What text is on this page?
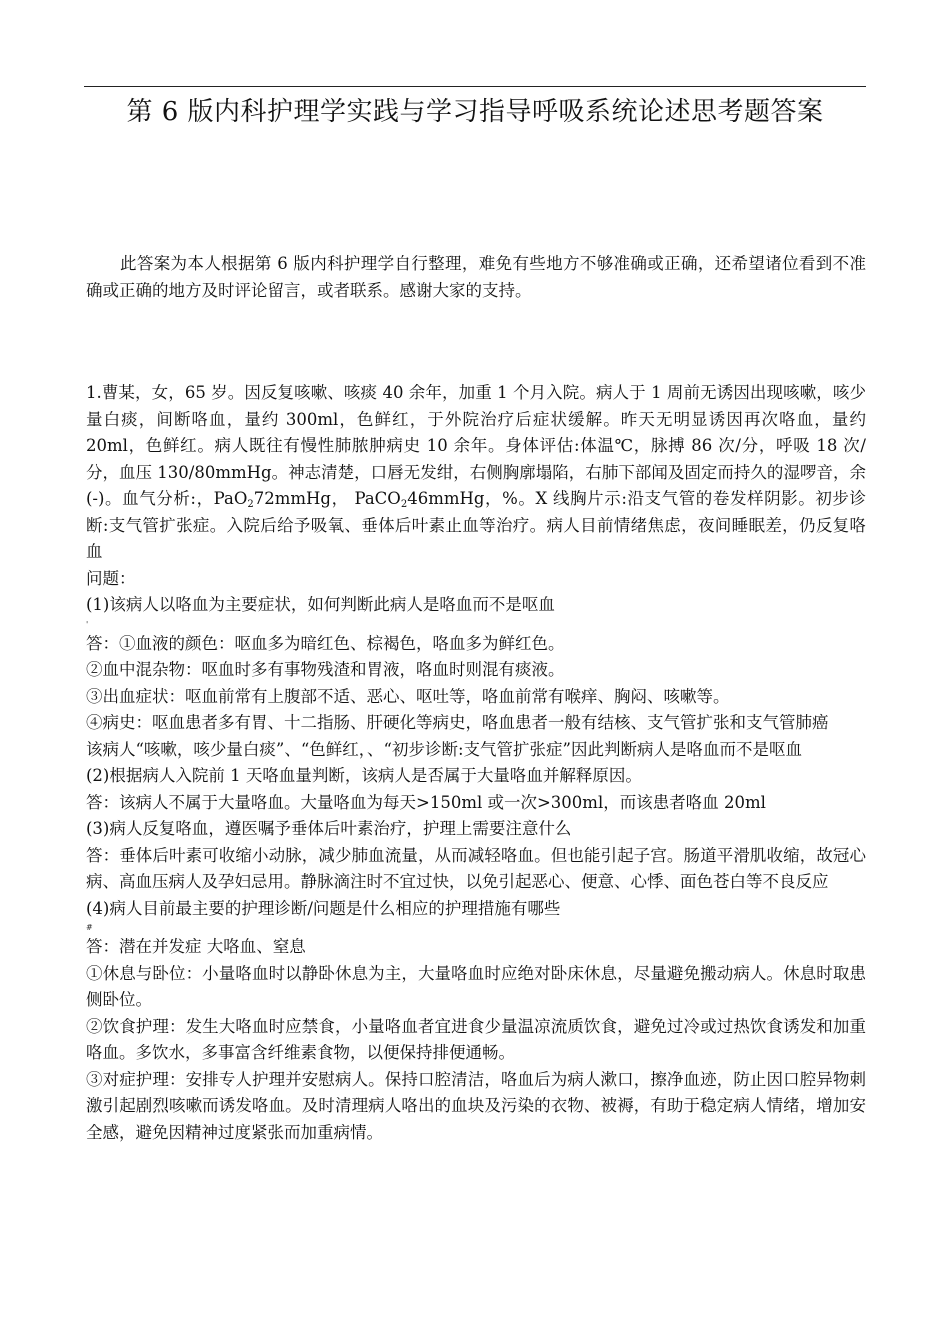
第 6 版内科护理学实践与学习指导呼吸系统论述思考题答案
此答案为本人根据第 6 版内科护理学自行整理，难免有些地方不够准确或正确，还希望诸位看到不准确或正确的地方及时评论留言，或者联系。感谢大家的支持。

1.曹某，女，65 岁。因反复咳嗽、咳痰 40 余年，加重 1 个月入院。病人于 1 周前无诱因出现咳嗽，咳少量白痰，间断咯血，量约 300ml，色鲜红，于外院治疗后症状缓解。昨天无明显诱因再次咯血，量约 20ml，色鲜红。病人既往有慢性肺脓肿病史 10 余年。身体评估:体温℃，脉搏 86 次/分，呼吸 18 次/分，血压 130/80mmHg。神志清楚，口唇无发绀，右侧胸廓塌陷，右肺下部闻及固定而持久的湿啰音，余(-)。血气分析:，PaO$_2$72mmHg， PaCO$_2$46mmHg，%。X 线胸片示:沿支气管的卷发样阴影。初步诊断:支气管扩张症。入院后给予吸氧、垂体后叶素止血等治疗。病人目前情绪焦虑，夜间睡眠差，仍反复咯血

问题：

(1)该病人以咯血为主要症状，如何判断此病人是咯血而不是呕血

'

答：①血液的颜色：呕血多为暗红色、棕褐色，咯血多为鲜红色。

②血中混杂物：呕血时多有事物残渣和胃液，咯血时则混有痰液。

③出血症状：呕血前常有上腹部不适、恶心、呕吐等，咯血前常有喉痒、胸闷、咳嗽等。

④病史：呕血患者多有胃、十二指肠、肝硬化等病史，咯血患者一般有结核、支气管扩张和支气管肺癌

该病人“咳嗽，咳少量白痰”、“色鲜红，、“初步诊断:支气管扩张症”因此判断病人是咯血而不是呕血

(2)根据病人入院前 1 天咯血量判断，该病人是否属于大量咯血并解释原因。

答：该病人不属于大量咯血。大量咯血为每天>150ml 或一次>300ml，而该患者咯血 20ml

(3)病人反复咯血，遵医嘱予垂体后叶素治疗，护理上需要注意什么

答：垂体后叶素可收缩小动脉，减少肺血流量，从而减轻咯血。但也能引起子宫。肠道平滑肌收缩，故冠心病、高血压病人及孕妇忌用。静脉滴注时不宜过快，以免引起恶心、便意、心悸、面色苍白等不良反应

(4)病人目前最主要的护理诊断/问题是什么相应的护理措施有哪些

#

答：潜在并发症 大咯血、窒息

①休息与卧位：小量咯血时以静卧休息为主，大量咯血时应绝对卧床休息，尽量避免搬动病人。休息时取患侧卧位。

②饮食护理：发生大咯血时应禁食，小量咯血者宜进食少量温凉流质饮食，避免过冷或过热饮食诱发和加重咯血。多饮水，多事富含纤维素食物，以便保持排便通畅。

③对症护理：安排专人护理并安慰病人。保持口腔清洁，咯血后为病人漱口，擦净血迹，防止因口腔异物刺激引起剧烈咳嗽而诱发咯血。及时清理病人咯出的血块及污染的衣物、被褥，有助于稳定病人情绪，增加安全感，避免因精神过度紧张而加重病情。
